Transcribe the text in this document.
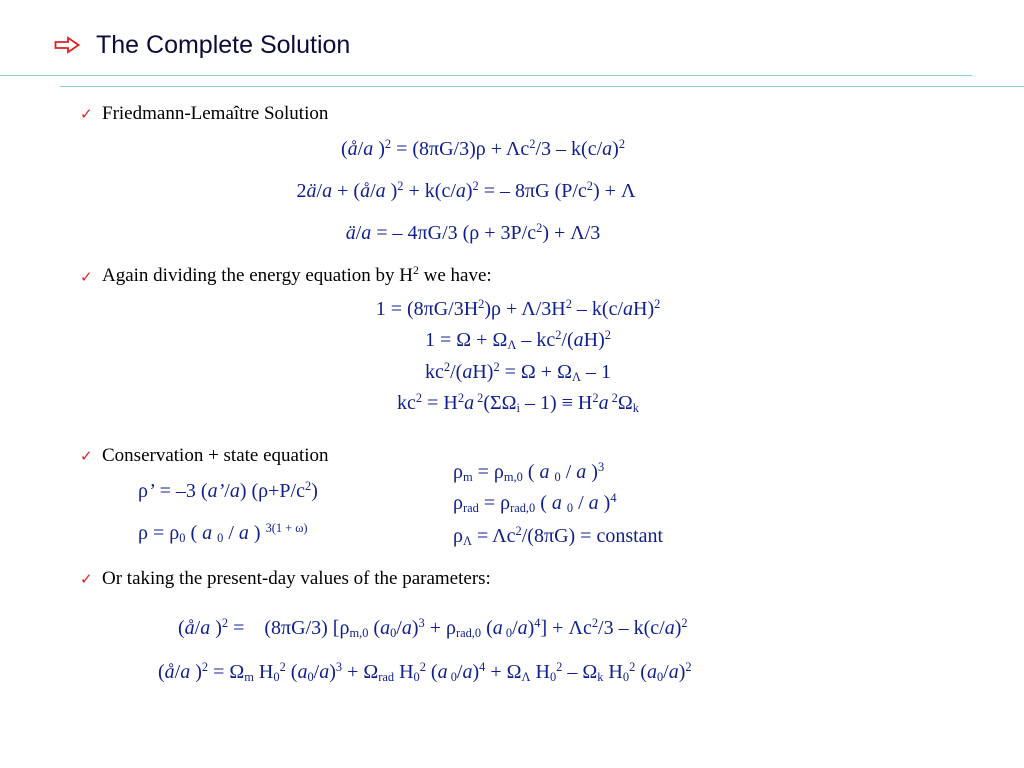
The Complete Solution
✓ Friedmann-Lemaître Solution
(å/a )$^2 = (8\pi G/3)\rho + \Lambda c^2/3 - k(c/a)^2$
2ä/a + (å/a )$^2 + k(c/a)^2$ = – 8πG $(P/c^2) + \Lambda$
ä/a = – 4πG/3 $(\rho + 3P/c^2) + \Lambda/3$
✓ Again dividing the energy equation by $H^2$ we have:
$1 = (8\pi G/3H^2)\rho + \Lambda/3H^2 - k(c/aH)^2$
$1 = \Omega + \Omega\Lambda - kc^2/(aH)^2$
$kc^2/(aH)^2 = \Omega + \Omega\Lambda - 1$
$kc^2 = H^2a$ $^2(\Sigma\Omega i - 1) \equiv H^2a$ $^2$Ωk
✓ Conservation + state equation
ρ’ = –3 (a’/a) $(\rho+P/c^2)$
ρ = ρ0 ( a 0 / a ) $^{3(1 + \omega)}$
ρm = ρm,0 ( a 0 / a )$^3$
ρrad = ρrad,0 ( a 0 / a )$^4$
$\rho\Lambda = \Lambda c^2/(8\pi G)$ = constant
✓ Or taking the present-day values of the parameters:
(å/a )$^2$ =    (8πG/3) [ρm,0 $(a0/a)^3 + \rho rad,0$ (a $0/a)^4] + \Lambda c^2/3 - k(c/a)^2$
(å/a )$^2$ = Ωm $H0^2$ $(a0/a)^3 + \Omega rad$ $H0^2$ (a 0/a)$^4$ + ΩΛ $H0^2$ – Ωk $H0^2$ $(a0/a)^2$
